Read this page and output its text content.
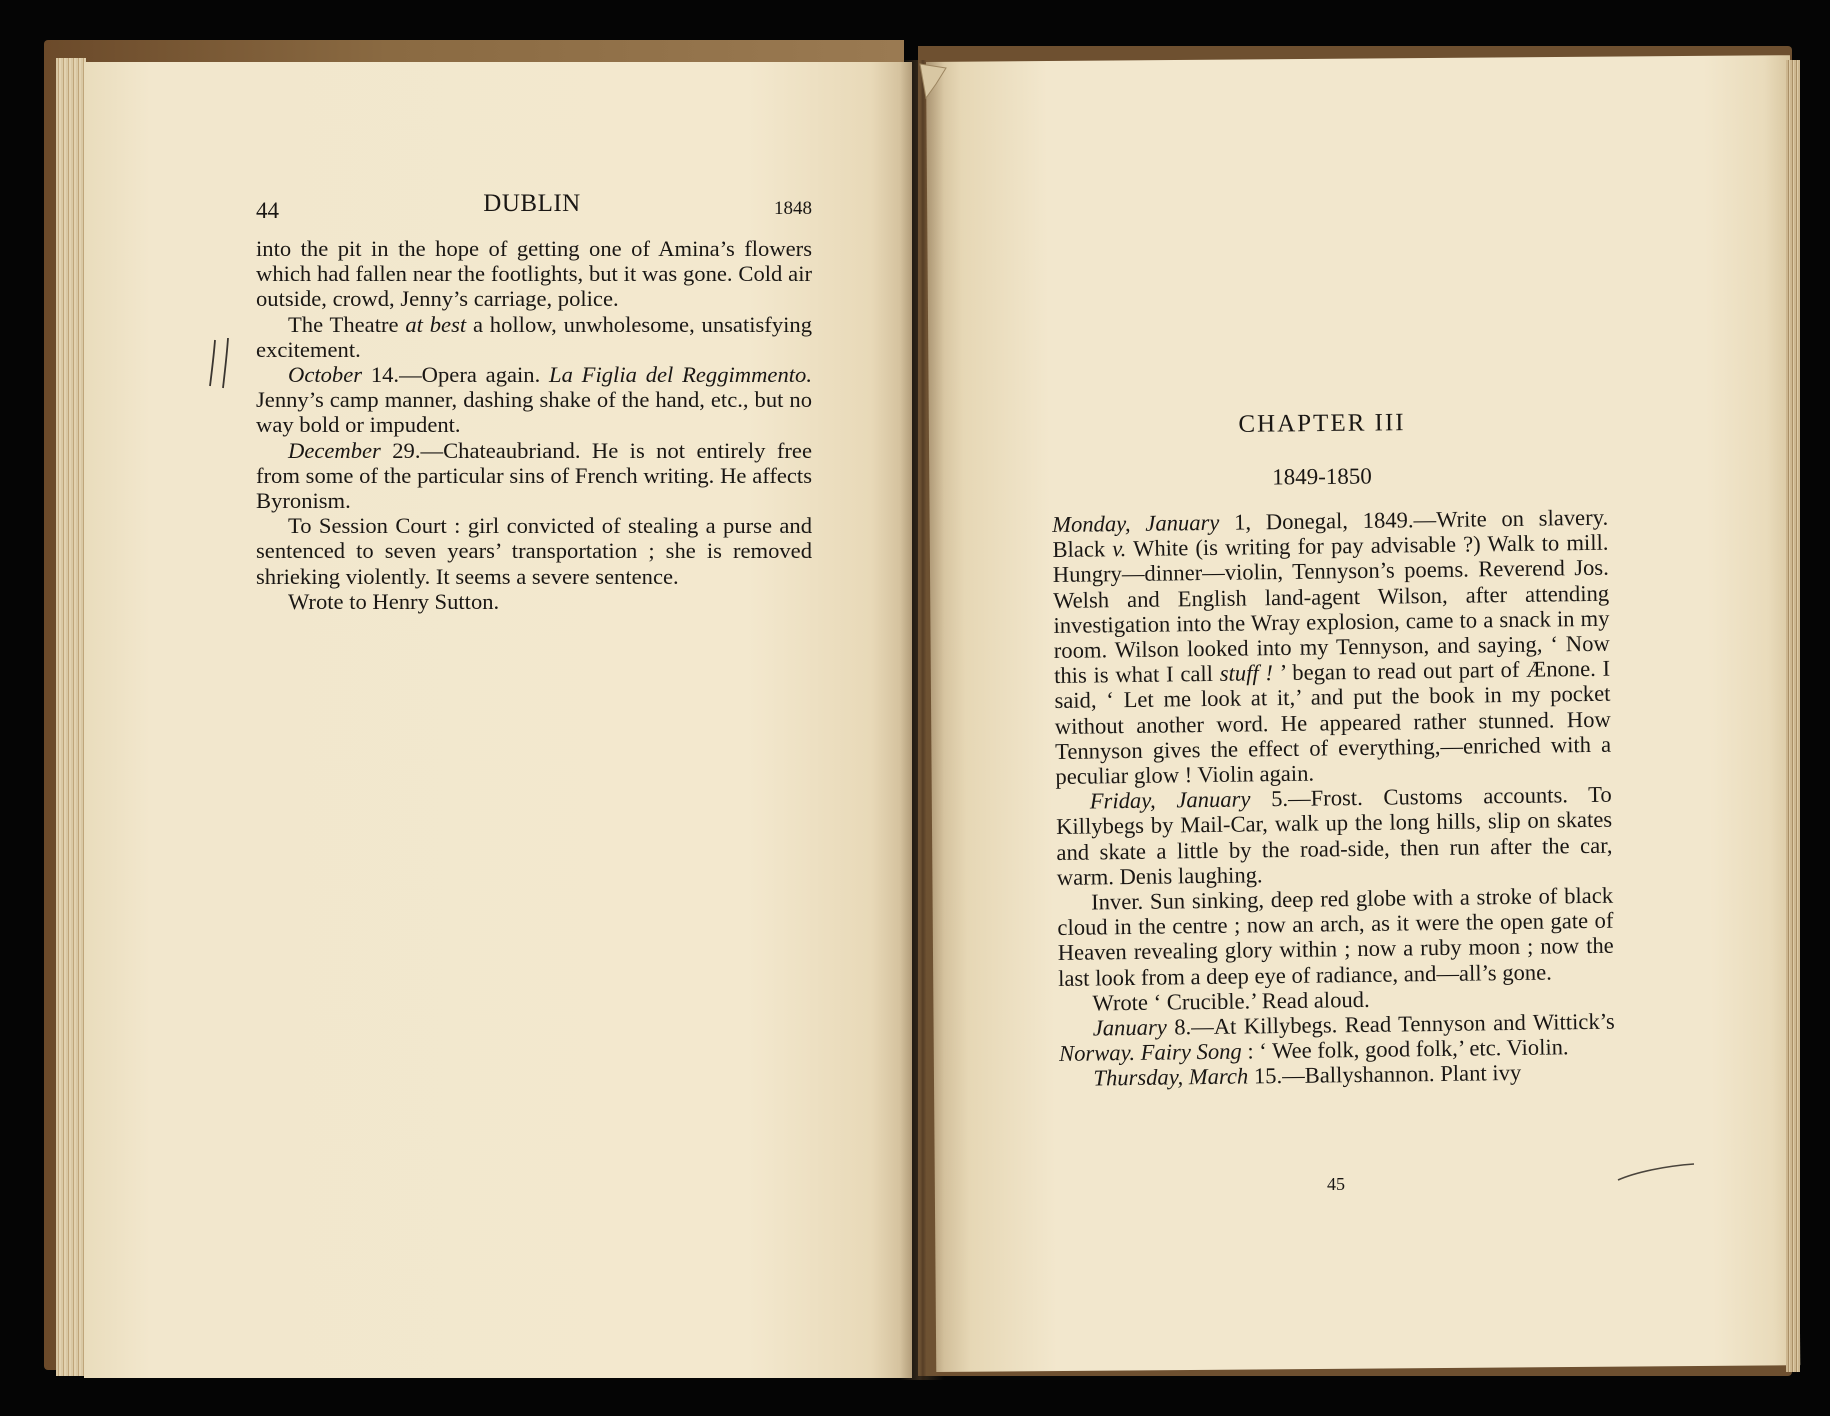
44	DUBLIN	1848

into the pit in the hope of getting one of Amina’s flowers which had fallen near the footlights, but it was gone. Cold air outside, crowd, Jenny’s carriage, police.

The Theatre at best a hollow, unwholesome, unsatisfying excitement.

October 14.—Opera again. La Figlia del Reggimmento. Jenny’s camp manner, dashing shake of the hand, etc., but no way bold or impudent.

December 29.—Chateaubriand. He is not entirely free from some of the particular sins of French writing. He affects Byronism.

To Session Court : girl convicted of stealing a purse and sentenced to seven years’ transportation ; she is removed shrieking violently. It seems a severe sentence.

Wrote to Henry Sutton.

CHAPTER III
1849-1850

Monday, January 1, Donegal, 1849.—Write on slavery. Black v. White (is writing for pay advisable ?) Walk to mill. Hungry—dinner—violin, Tennyson’s poems. Reverend Jos. Welsh and English land-agent Wilson, after attending investigation into the Wray explosion, came to a snack in my room. Wilson looked into my Tennyson, and saying, ‘ Now this is what I call stuff ! ’ began to read out part of Ænone. I said, ‘ Let me look at it,’ and put the book in my pocket without another word. He appeared rather stunned. How Tennyson gives the effect of everything,—enriched with a peculiar glow ! Violin again.

Friday, January 5.—Frost. Customs accounts. To Killybegs by Mail-Car, walk up the long hills, slip on skates and skate a little by the road-side, then run after the car, warm. Denis laughing.

Inver. Sun sinking, deep red globe with a stroke of black cloud in the centre ; now an arch, as it were the open gate of Heaven revealing glory within ; now a ruby moon ; now the last look from a deep eye of radiance, and—all’s gone.

Wrote ‘ Crucible.’ Read aloud.

January 8.—At Killybegs. Read Tennyson and Wittick’s Norway. Fairy Song : ‘ Wee folk, good folk,’ etc. Violin.

Thursday, March 15.—Ballyshannon. Plant ivy

45
